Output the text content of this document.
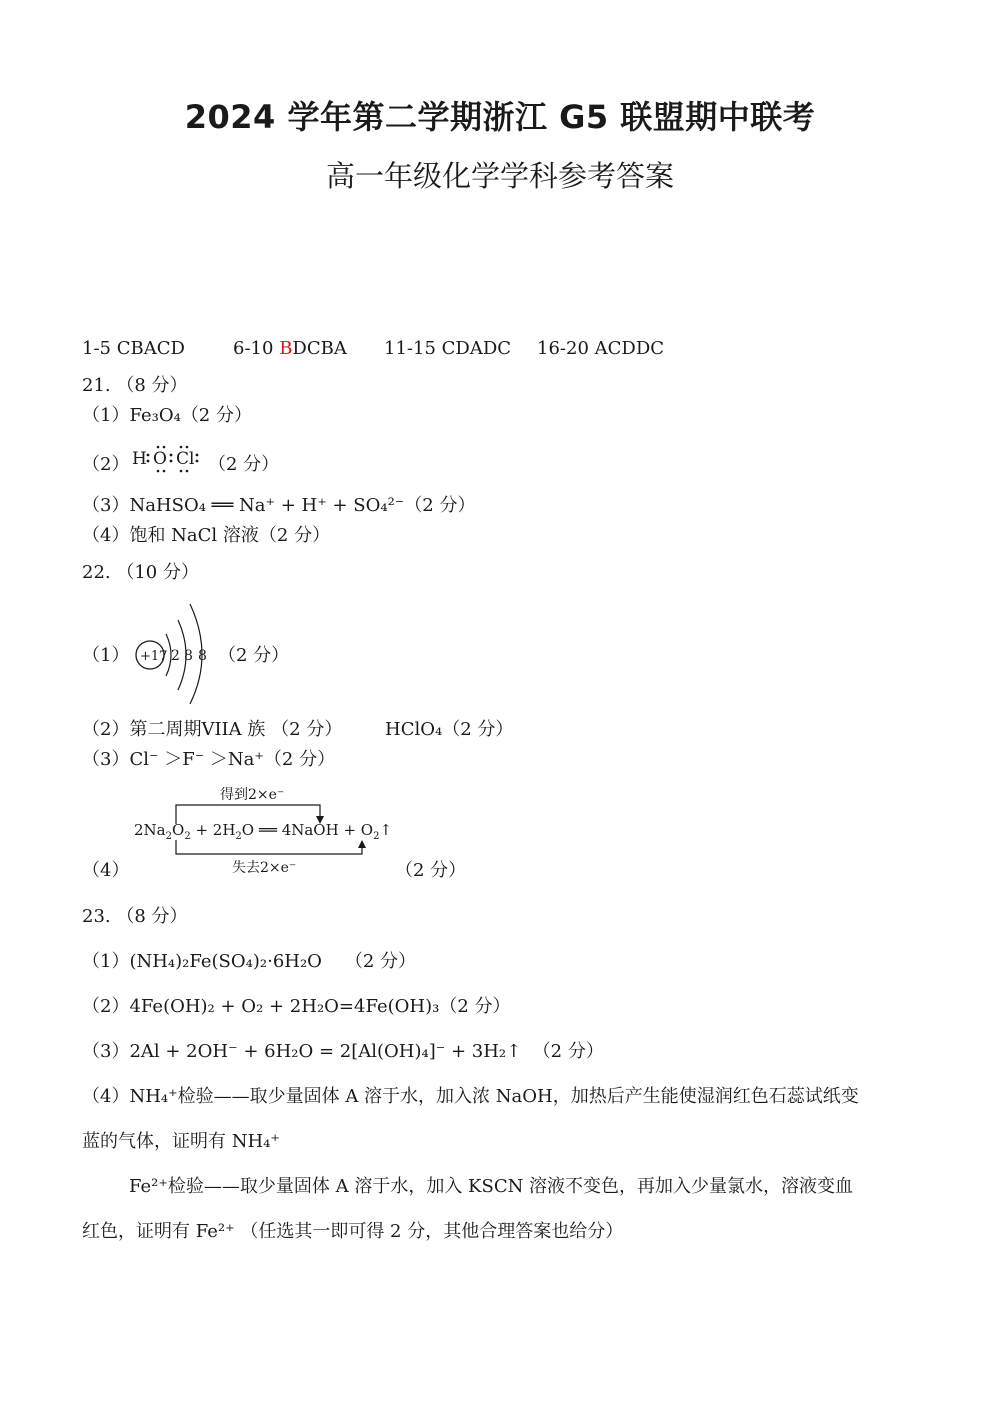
2024 学年第二学期浙江 G5 联盟期中联考
高一年级化学学科参考答案
1-5 CBACD	6-10 BDCBA 11-15 CDADC 16-20 ACDDC
21. （8 分）
（1）Fe₃O₄（2 分）
（2） H O Cl （2 分）
（3）NaHSO₄ ══ Na⁺ + H⁺ + SO₄²⁻（2 分）
（4）饱和 NaCl 溶液（2 分）
22. （10 分）
（1） +17 2 8 8 （2 分）
（2）第二周期VIIA 族 （2 分） HClO₄（2 分）
（3）Cl⁻ ＞F⁻ ＞Na⁺（2 分）
得到2×e⁻
$2Na_2O_2 + 2H_2O$ ══ 4NaOH + $O_2↑$
失去2×e⁻
（4）	（2 分）
23. （8 分）
（1）(NH₄)₂Fe(SO₄)₂·6H₂O （2 分）
（2）4Fe(OH)₂ + O₂ + 2H₂O=4Fe(OH)₃（2 分）
（3）2Al + 2OH⁻ + 6H₂O = 2[Al(OH)₄]⁻ + 3H₂↑ （2 分）
（4）NH₄⁺检验——取少量固体 A 溶于水，加入浓 NaOH，加热后产生能使湿润红色石蕊试纸变
蓝的气体，证明有 NH₄⁺
Fe²⁺检验——取少量固体 A 溶于水，加入 KSCN 溶液不变色，再加入少量氯水，溶液变血
红色，证明有 Fe²⁺ （任选其一即可得 2 分，其他合理答案也给分）
